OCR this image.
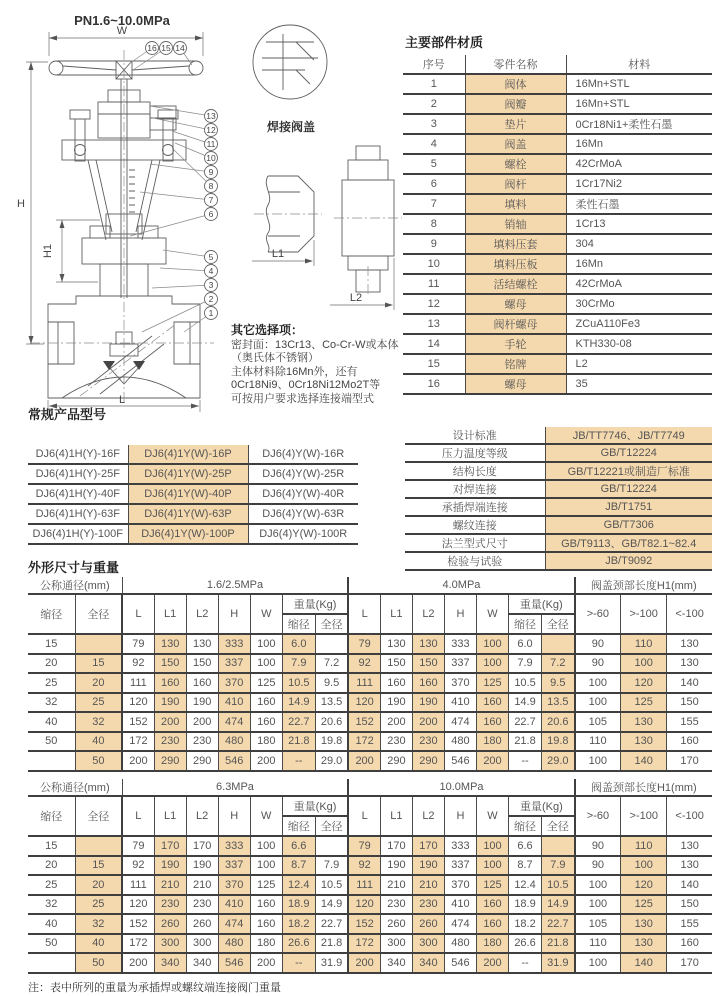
PN1.6~10.0MPa
W
H
H1
L
焊接阀盖
L1
L2
16 15 14
13
12
11
10
9
8
7
6
5
4
3
2
1
其它选择项：
密封面：13Cr13、Co-Cr-W或本体
（奥氏体不锈钢）
主体材料除16Mn外，还有
0Cr18Ni9、0Cr18Ni12Mo2T等
可按用户要求选择连接端型式
主要部件材质
序号	零件名称	材料
1	阀体	16Mn+STL
2	阀瓣	16Mn+STL
3	垫片	0Cr18Ni1+柔性石墨
4	阀盖	16Mn
5	螺栓	42CrMoA
6	阀杆	1Cr17Ni2
7	填料	柔性石墨
8	销轴	1Cr13
9	填料压套	304
10	填料压板	16Mn
11	活结螺栓	42CrMoA
12	螺母	30CrMo
13	阀杆螺母	ZCuA110Fe3
14	手轮	KTH330-08
15	铭牌	L2
16	螺母	35
常规产品型号
DJ6(4)1H(Y)-16F	DJ6(4)1Y(W)-16P	DJ6(4)Y(W)-16R
DJ6(4)1H(Y)-25F	DJ6(4)1Y(W)-25P	DJ6(4)Y(W)-25R
DJ6(4)1H(Y)-40F	DJ6(4)1Y(W)-40P	DJ6(4)Y(W)-40R
DJ6(4)1H(Y)-63F	DJ6(4)1Y(W)-63P	DJ6(4)Y(W)-63R
DJ6(4)1H(Y)-100F	DJ6(4)1Y(W)-100P	DJ6(4)Y(W)-100R
设计标准	JB/TT7746、JB/T7749
压力温度等级	GB/T12224
结构长度	GB/T12221或制造厂标准
对焊连接	GB/T12224
承插焊端连接	JB/T1751
螺纹连接	GB/T7306
法兰型式尺寸	GB/T9113、GB/T82.1~82.4
检验与试验	JB/T9092
外形尺寸与重量
公称通径(mm)		1.6/2.5MPa							4.0MPa							阀盖颈部长度H1(mm)		
缩径	全径	L	L1	L2	H	W	重量(Kg)		L	L1	L2	H	W	重量(Kg)		>-60	>-100	<-100
							缩径	全径						缩径	全径			
15		79	130	130	333	100	6.0		79	130	130	333	100	6.0		90	110	130
20	15	92	150	150	337	100	7.9	7.2	92	150	150	337	100	7.9	7.2	90	100	130
25	20	111	160	160	370	125	10.5	9.5	111	160	160	370	125	10.5	9.5	100	120	140
32	25	120	190	190	410	160	14.9	13.5	120	190	190	410	160	14.9	13.5	100	125	150
40	32	152	200	200	474	160	22.7	20.6	152	200	200	474	160	22.7	20.6	105	130	155
50	40	172	230	230	480	180	21.8	19.8	172	230	230	480	180	21.8	19.8	110	130	160
	50	200	290	290	546	200	--	29.0	200	290	290	546	200	--	29.0	100	140	170
公称通径(mm)		6.3MPa							10.0MPa							阀盖颈部长度H1(mm)		
缩径	全径	L	L1	L2	H	W	重量(Kg)		L	L1	L2	H	W	重量(Kg)		>-60	>-100	<-100
							缩径	全径						缩径	全径			
15		79	170	170	333	100	6.6		79	170	170	333	100	6.6		90	110	130
20	15	92	190	190	337	100	8.7	7.9	92	190	190	337	100	8.7	7.9	90	100	130
25	20	111	210	210	370	125	12.4	10.5	111	210	210	370	125	12.4	10.5	100	120	140
32	25	120	230	230	410	160	18.9	14.9	120	230	230	410	160	18.9	14.9	100	125	150
40	32	152	260	260	474	160	18.2	22.7	152	260	260	474	160	18.2	22.7	105	130	155
50	40	172	300	300	480	180	26.6	21.8	172	300	300	480	180	26.6	21.8	110	130	160
	50	200	340	340	546	200	--	31.9	200	340	340	546	200	--	31.9	100	140	170
注：表中所列的重量为承插焊或螺纹端连接阀门重量
